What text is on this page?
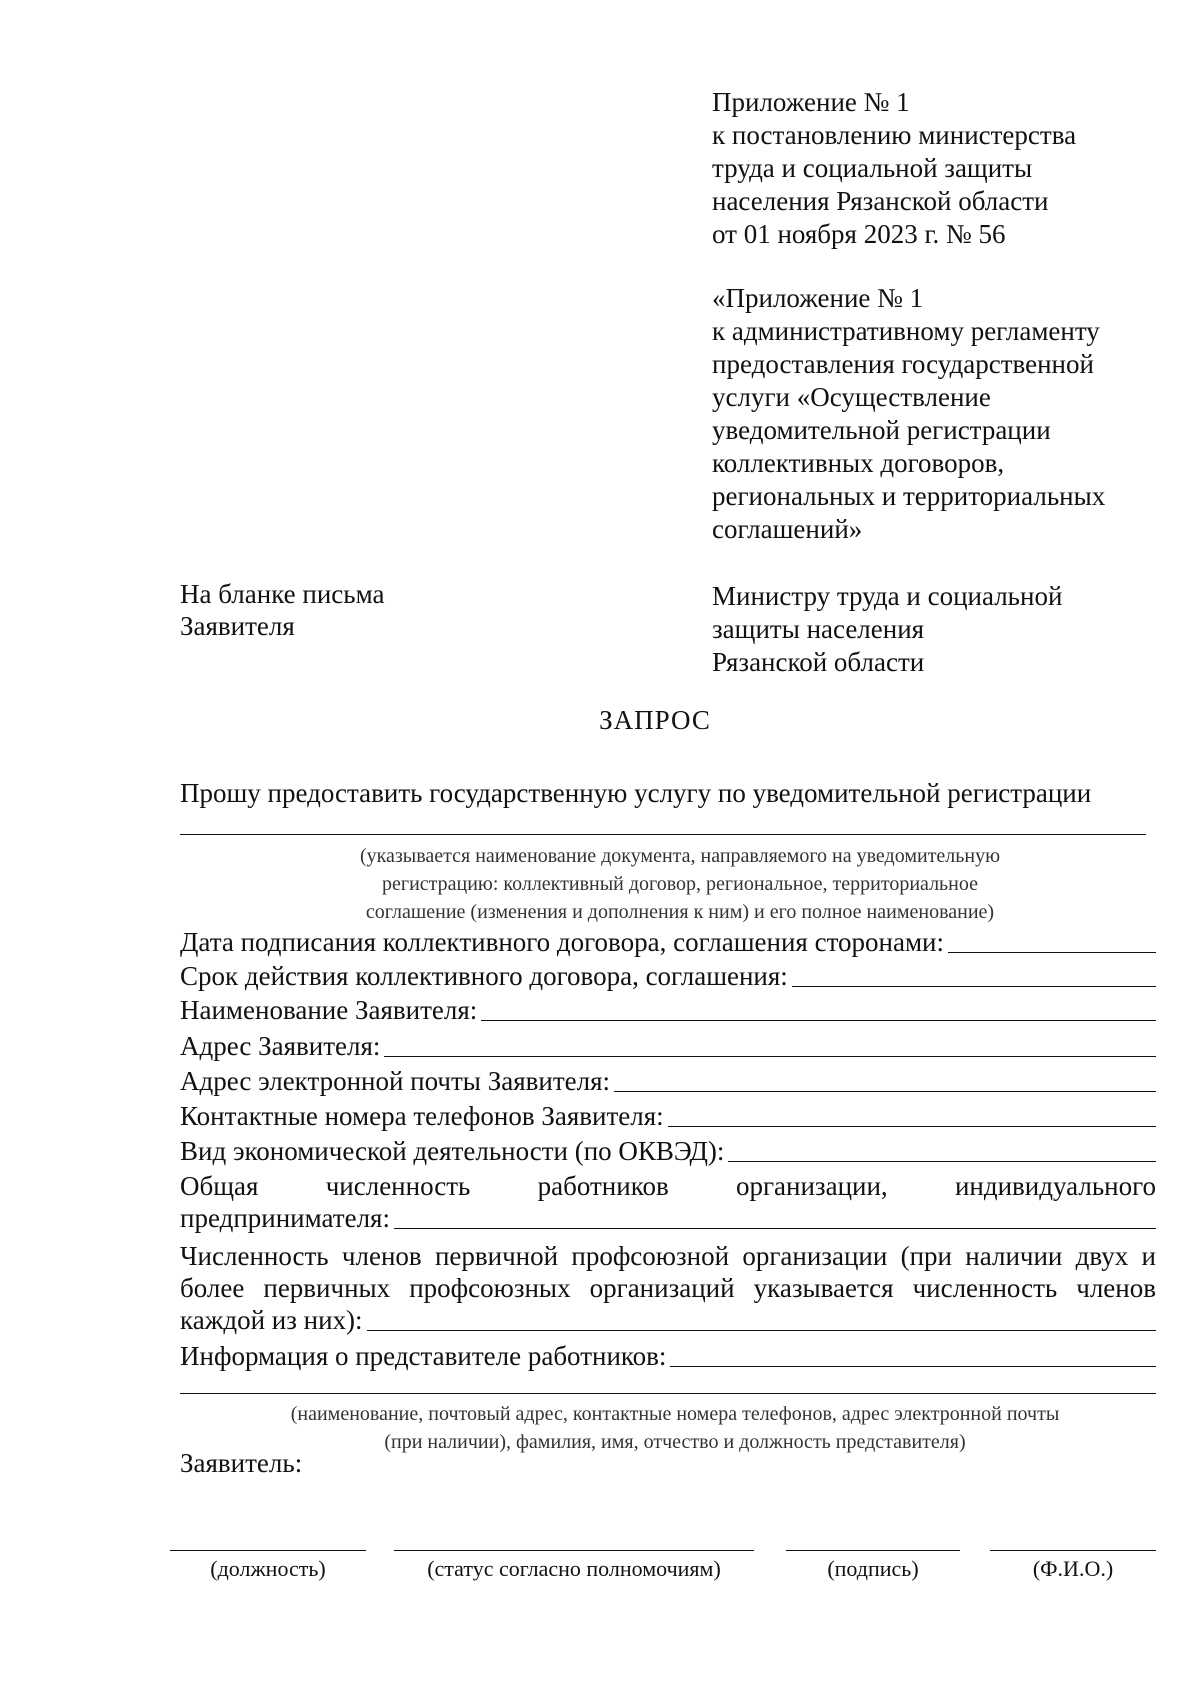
Приложение № 1
к постановлению министерства
труда и социальной защиты
населения Рязанской области
от 01 ноября 2023 г. № 56
«Приложение № 1
к административному регламенту
предоставления государственной
услуги «Осуществление
уведомительной регистрации
коллективных договоров,
региональных и территориальных
соглашений»
На бланке письма
Заявителя
Министру труда и социальной
защиты населения
Рязанской области
ЗАПРОС
Прошу предоставить государственную услугу по уведомительной регистрации
(указывается наименование документа, направляемого на уведомительную
регистрацию: коллективный договор, региональное, территориальное
соглашение (изменения и дополнения к ним) и его полное наименование)
Дата подписания коллективного договора, соглашения сторонами:
Срок действия коллективного договора, соглашения:
Наименование Заявителя:
Адрес Заявителя:
Адрес электронной почты Заявителя:
Контактные номера телефонов Заявителя:
Вид экономической деятельности (по ОКВЭД):
Общая численность работников организации, индивидуального
предпринимателя:
Численность членов первичной профсоюзной организации (при наличии двух и
более первичных профсоюзных организаций указывается численность членов
каждой из них):
Информация о представителе работников:
(наименование, почтовый адрес, контактные номера телефонов, адрес электронной почты
(при наличии), фамилия, имя, отчество и должность представителя)
Заявитель:
(должность)	(статус согласно полномочиям)	(подпись)	(Ф.И.О.)
